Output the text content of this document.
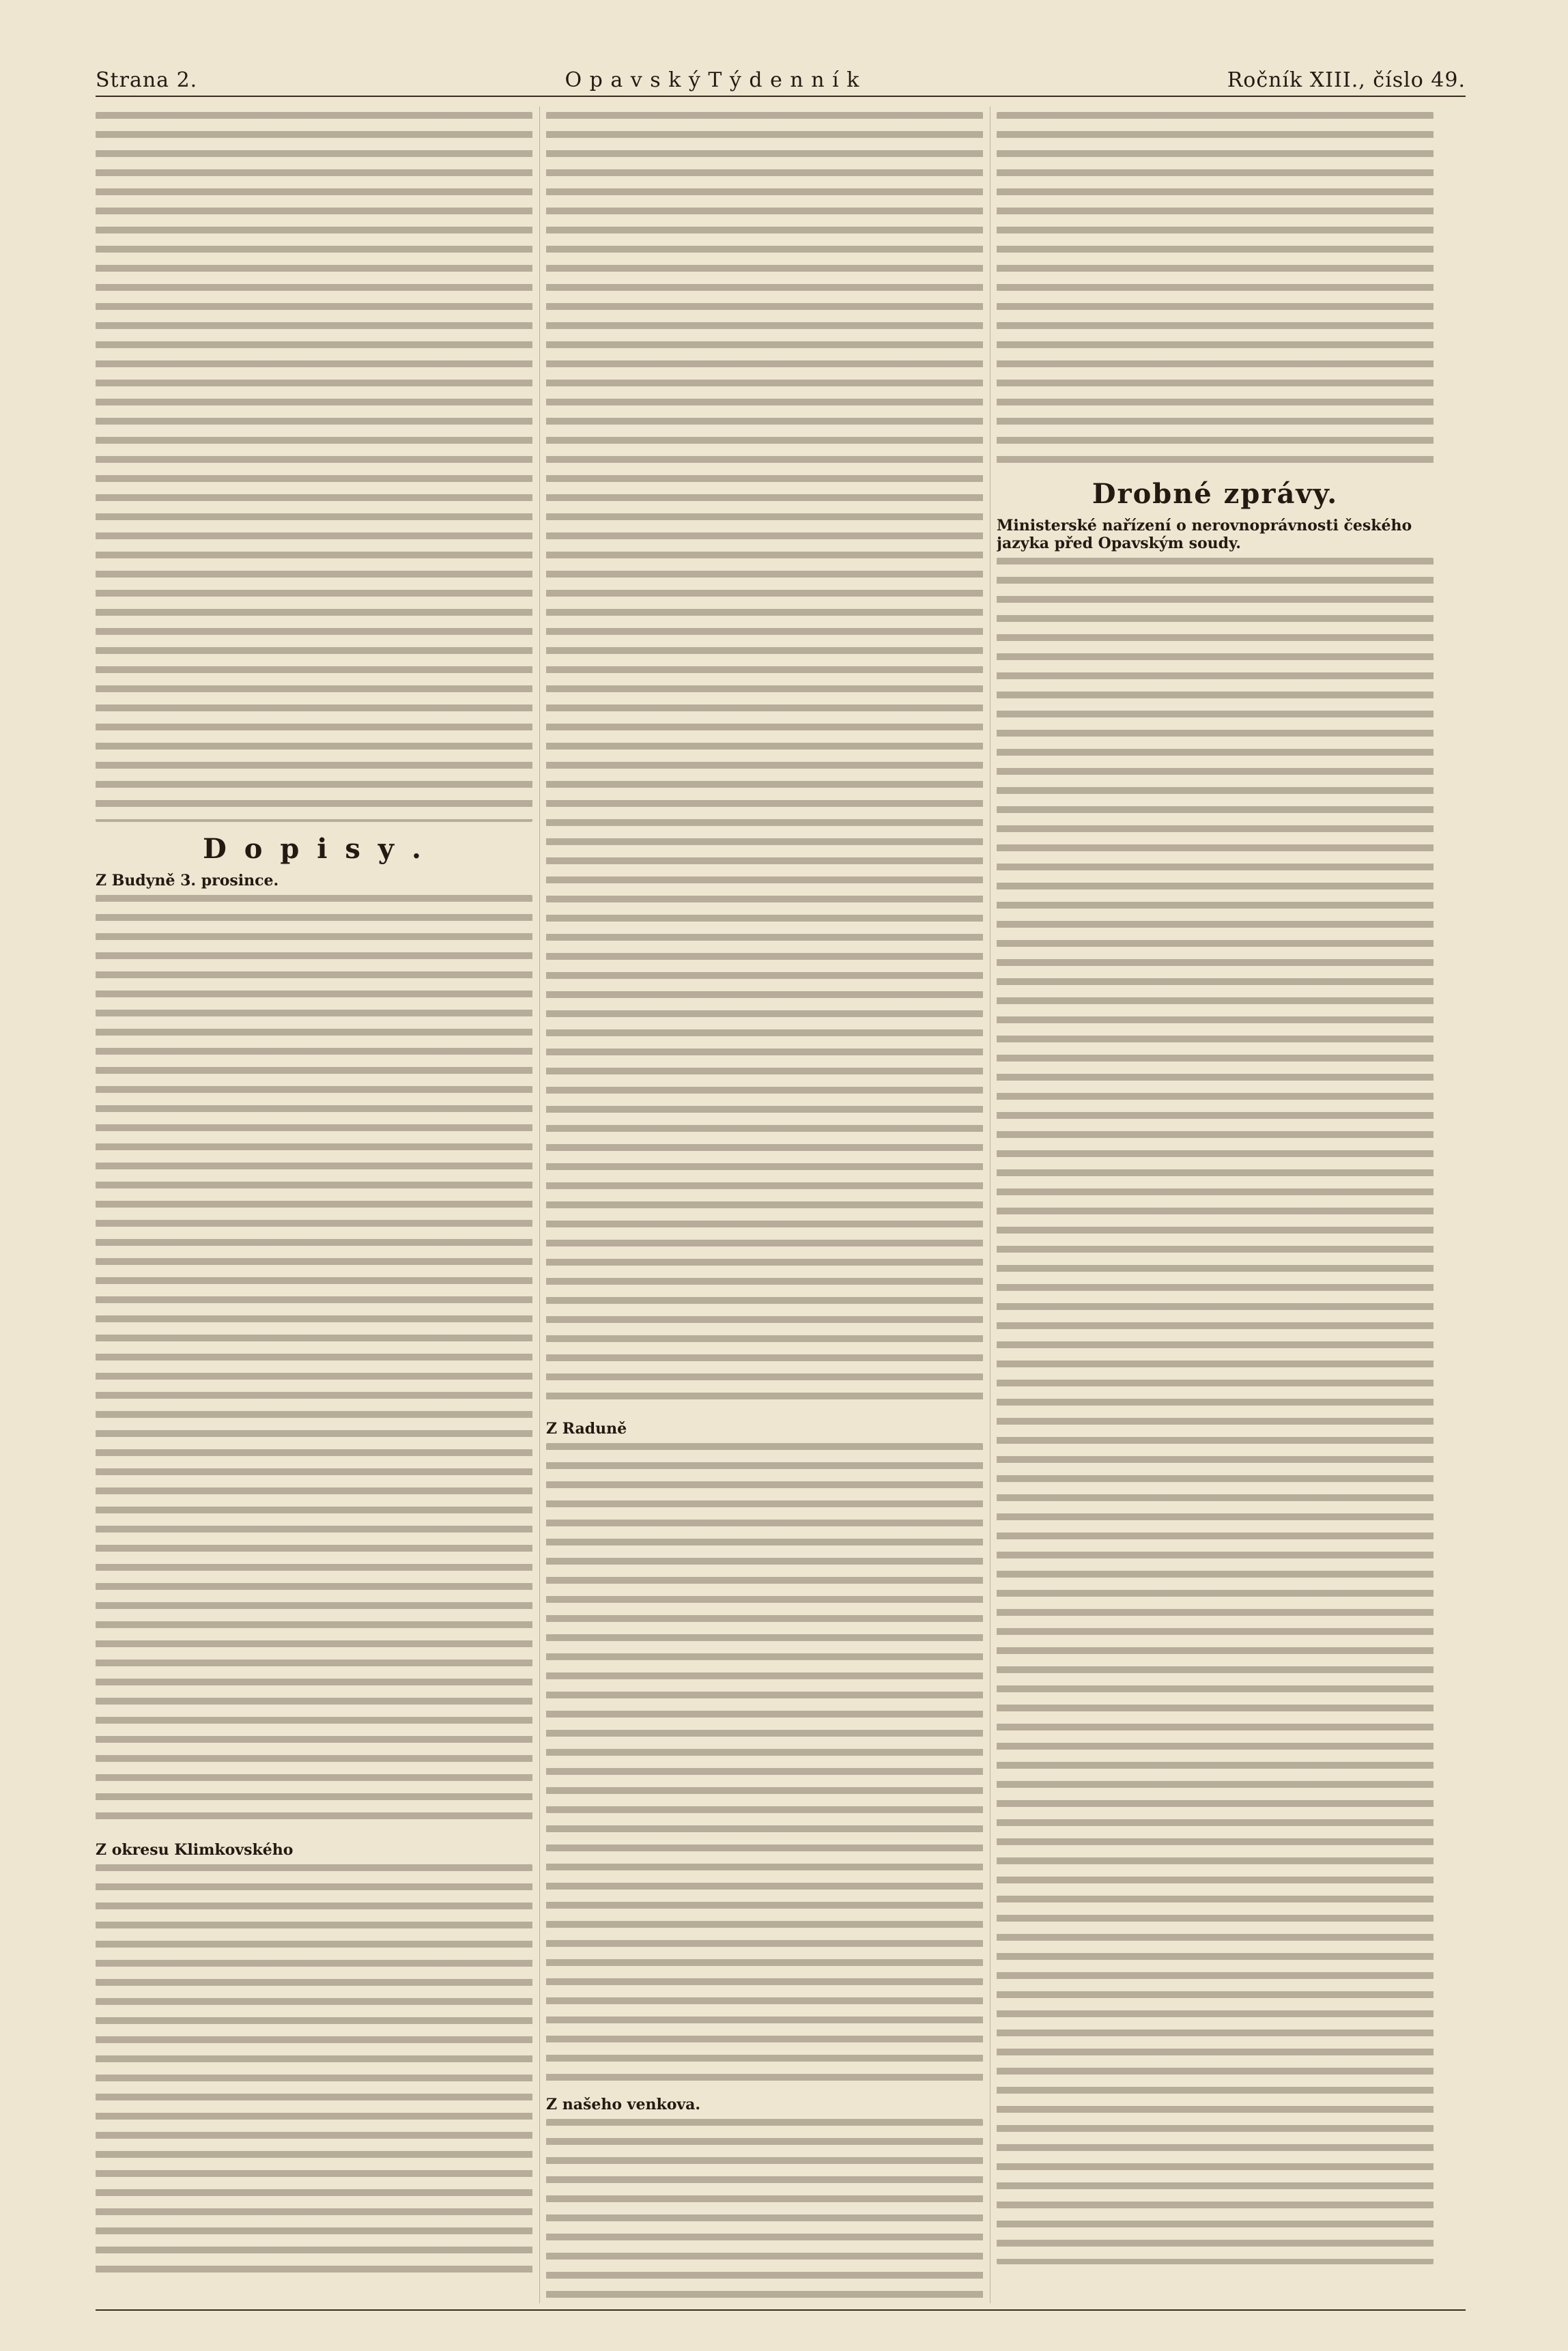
Strana 2.	O p a v s k ý T ý d e n n í k	Ročník XIII., číslo 49.
D o p i s y .
Z Budyně 3. prosince.
Z okresu Klimkovského
Z Raduně
Z našeho venkova.
Drobné zprávy.
Ministerské nařízení o nerovnoprávnosti českého jazyka před Opavským soudy.
